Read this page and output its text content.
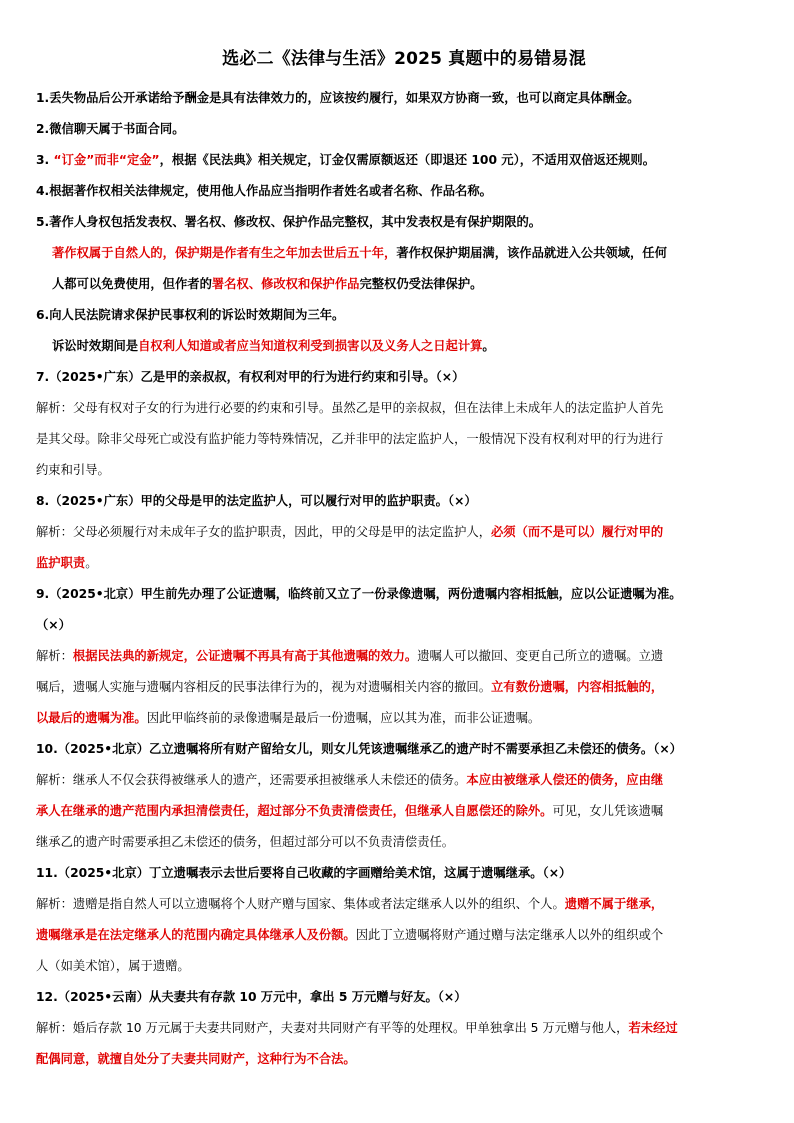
选必二《法律与生活》2025 真题中的易错易混

1.丢失物品后公开承诺给予酬金是具有法律效力的，应该按约履行，如果双方协商一致，也可以商定具体酬金。

2.微信聊天属于书面合同。

3. “订金”而非“定金”，根据《民法典》相关规定，订金仅需原额返还（即退还 100 元），不适用双倍返还规则。

4.根据著作权相关法律规定，使用他人作品应当指明作者姓名或者名称、作品名称。

5.著作人身权包括发表权、署名权、修改权、保护作品完整权，其中发表权是有保护期限的。

著作权属于自然人的，保护期是作者有生之年加去世后五十年，著作权保护期届满，该作品就进入公共领域，任何

人都可以免费使用，但作者的署名权、修改权和保护作品完整权仍受法律保护。

6.向人民法院请求保护民事权利的诉讼时效期间为三年。

诉讼时效期间是自权利人知道或者应当知道权利受到损害以及义务人之日起计算。

7.（2025•广东）乙是甲的亲叔叔，有权利对甲的行为进行约束和引导。（×）

解析：父母有权对子女的行为进行必要的约束和引导。虽然乙是甲的亲叔叔，但在法律上未成年人的法定监护人首先

是其父母。除非父母死亡或没有监护能力等特殊情况，乙并非甲的法定监护人，一般情况下没有权利对甲的行为进行

约束和引导。

8.（2025•广东）甲的父母是甲的法定监护人，可以履行对甲的监护职责。（×）

解析：父母必须履行对未成年子女的监护职责，因此，甲的父母是甲的法定监护人，必须（而不是可以）履行对甲的

监护职责。

9.（2025•北京）甲生前先办理了公证遗嘱，临终前又立了一份录像遗嘱，两份遗嘱内容相抵触，应以公证遗嘱为准。

（×）

解析：根据民法典的新规定，公证遗嘱不再具有高于其他遗嘱的效力。遗嘱人可以撤回、变更自己所立的遗嘱。立遗

嘱后，遗嘱人实施与遗嘱内容相反的民事法律行为的，视为对遗嘱相关内容的撤回。立有数份遗嘱，内容相抵触的，

以最后的遗嘱为准。因此甲临终前的录像遗嘱是最后一份遗嘱，应以其为准，而非公证遗嘱。

10.（2025•北京）乙立遗嘱将所有财产留给女儿，则女儿凭该遗嘱继承乙的遗产时不需要承担乙未偿还的债务。（×）

解析：继承人不仅会获得被继承人的遗产，还需要承担被继承人未偿还的债务。本应由被继承人偿还的债务，应由继

承人在继承的遗产范围内承担清偿责任，超过部分不负责清偿责任，但继承人自愿偿还的除外。可见，女儿凭该遗嘱

继承乙的遗产时需要承担乙未偿还的债务，但超过部分可以不负责清偿责任。

11.（2025•北京）丁立遗嘱表示去世后要将自己收藏的字画赠给美术馆，这属于遗嘱继承。（×）

解析：遗赠是指自然人可以立遗嘱将个人财产赠与国家、集体或者法定继承人以外的组织、个人。遗赠不属于继承，

遗嘱继承是在法定继承人的范围内确定具体继承人及份额。因此丁立遗嘱将财产通过赠与法定继承人以外的组织或个

人（如美术馆），属于遗赠。

12.（2025•云南）从夫妻共有存款 10 万元中，拿出 5 万元赠与好友。（×）

解析：婚后存款 10 万元属于夫妻共同财产，夫妻对共同财产有平等的处理权。甲单独拿出 5 万元赠与他人，若未经过

配偶同意，就擅自处分了夫妻共同财产，这种行为不合法。
